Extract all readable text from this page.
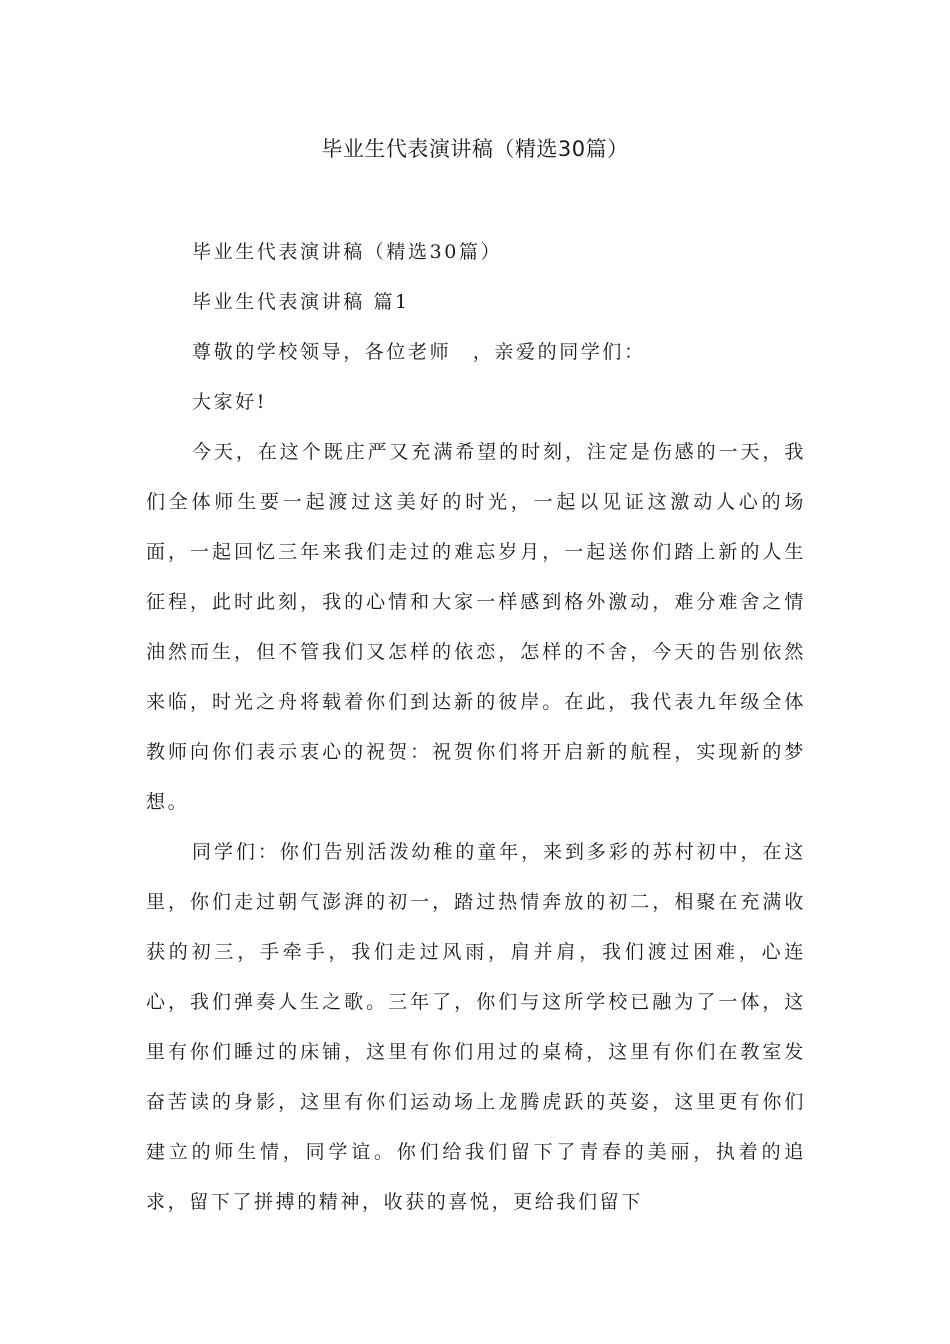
毕业生代表演讲稿（精选30篇）

毕业生代表演讲稿（精选30篇）

毕业生代表演讲稿 篇1

尊敬的学校领导，各位老师　，亲爱的同学们：

大家好!

今天，在这个既庄严又充满希望的时刻，注定是伤感的一天，我们全体师生要一起渡过这美好的时光，一起以见证这激动人心的场面，一起回忆三年来我们走过的难忘岁月，一起送你们踏上新的人生征程，此时此刻，我的心情和大家一样感到格外激动，难分难舍之情油然而生，但不管我们又怎样的依恋，怎样的不舍，今天的告别依然来临，时光之舟将载着你们到达新的彼岸。在此，我代表九年级全体教师向你们表示衷心的祝贺：祝贺你们将开启新的航程，实现新的梦想。

同学们：你们告别活泼幼稚的童年，来到多彩的苏村初中，在这里，你们走过朝气澎湃的初一，踏过热情奔放的初二，相聚在充满收获的初三，手牵手，我们走过风雨，肩并肩，我们渡过困难，心连心，我们弹奏人生之歌。三年了，你们与这所学校已融为了一体，这里有你们睡过的床铺，这里有你们用过的桌椅，这里有你们在教室发奋苦读的身影，这里有你们运动场上龙腾虎跃的英姿，这里更有你们建立的师生情，同学谊。你们给我们留下了青春的美丽，执着的追求，留下了拼搏的精神，收获的喜悦，更给我们留下
